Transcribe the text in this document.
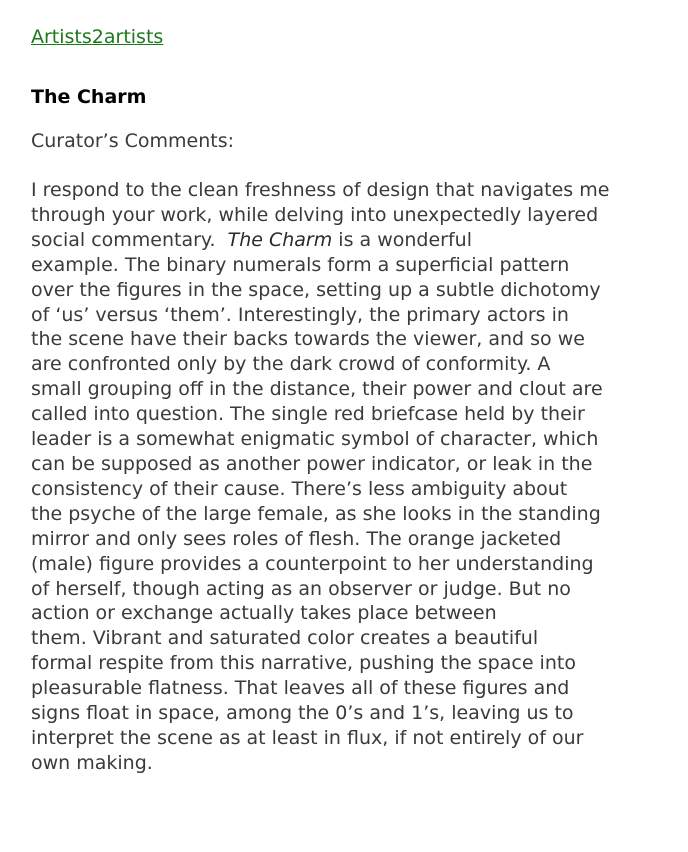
Artists2artists
The Charm
Curator’s Comments:
I respond to the clean freshness of design that navigates me
through your work, while delving into unexpectedly layered
social commentary.  The Charm is a wonderful
example. The binary numerals form a superficial pattern
over the figures in the space, setting up a subtle dichotomy
of ‘us’ versus ‘them’. Interestingly, the primary actors in
the scene have their backs towards the viewer, and so we
are confronted only by the dark crowd of conformity. A
small grouping off in the distance, their power and clout are
called into question. The single red briefcase held by their
leader is a somewhat enigmatic symbol of character, which
can be supposed as another power indicator, or leak in the
consistency of their cause. There’s less ambiguity about
the psyche of the large female, as she looks in the standing
mirror and only sees roles of flesh. The orange jacketed
(male) figure provides a counterpoint to her understanding
of herself, though acting as an observer or judge. But no
action or exchange actually takes place between
them. Vibrant and saturated color creates a beautiful
formal respite from this narrative, pushing the space into
pleasurable flatness. That leaves all of these figures and
signs float in space, among the 0’s and 1’s, leaving us to
interpret the scene as at least in flux, if not entirely of our
own making.
